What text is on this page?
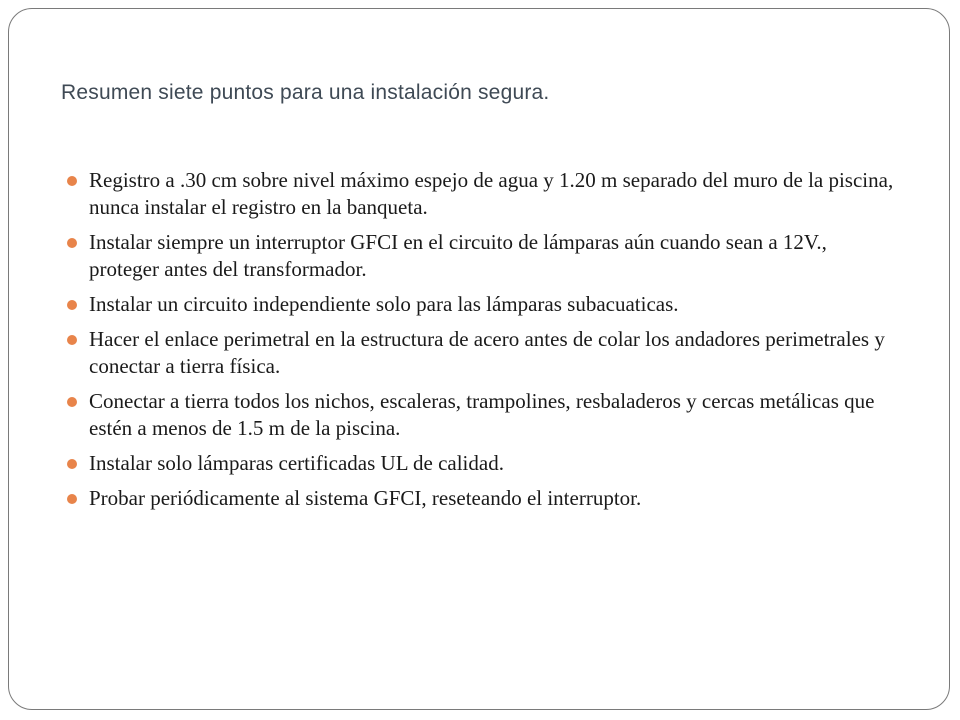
Resumen siete puntos para una instalación segura.
Registro a .30 cm sobre nivel máximo espejo de agua y 1.20 m separado del muro de la piscina, nunca instalar el registro en la banqueta.
Instalar siempre un interruptor GFCI en el circuito de lámparas aún cuando sean a 12V., proteger antes del transformador.
Instalar un circuito independiente solo para las lámparas subacuaticas.
Hacer el enlace perimetral en la estructura de acero antes de colar los andadores perimetrales y conectar a tierra física.
Conectar a tierra todos los nichos, escaleras, trampolines, resbaladeros y cercas metálicas que estén a menos de 1.5 m de la piscina.
Instalar solo lámparas certificadas UL de calidad.
Probar periódicamente al sistema GFCI, reseteando el interruptor.
